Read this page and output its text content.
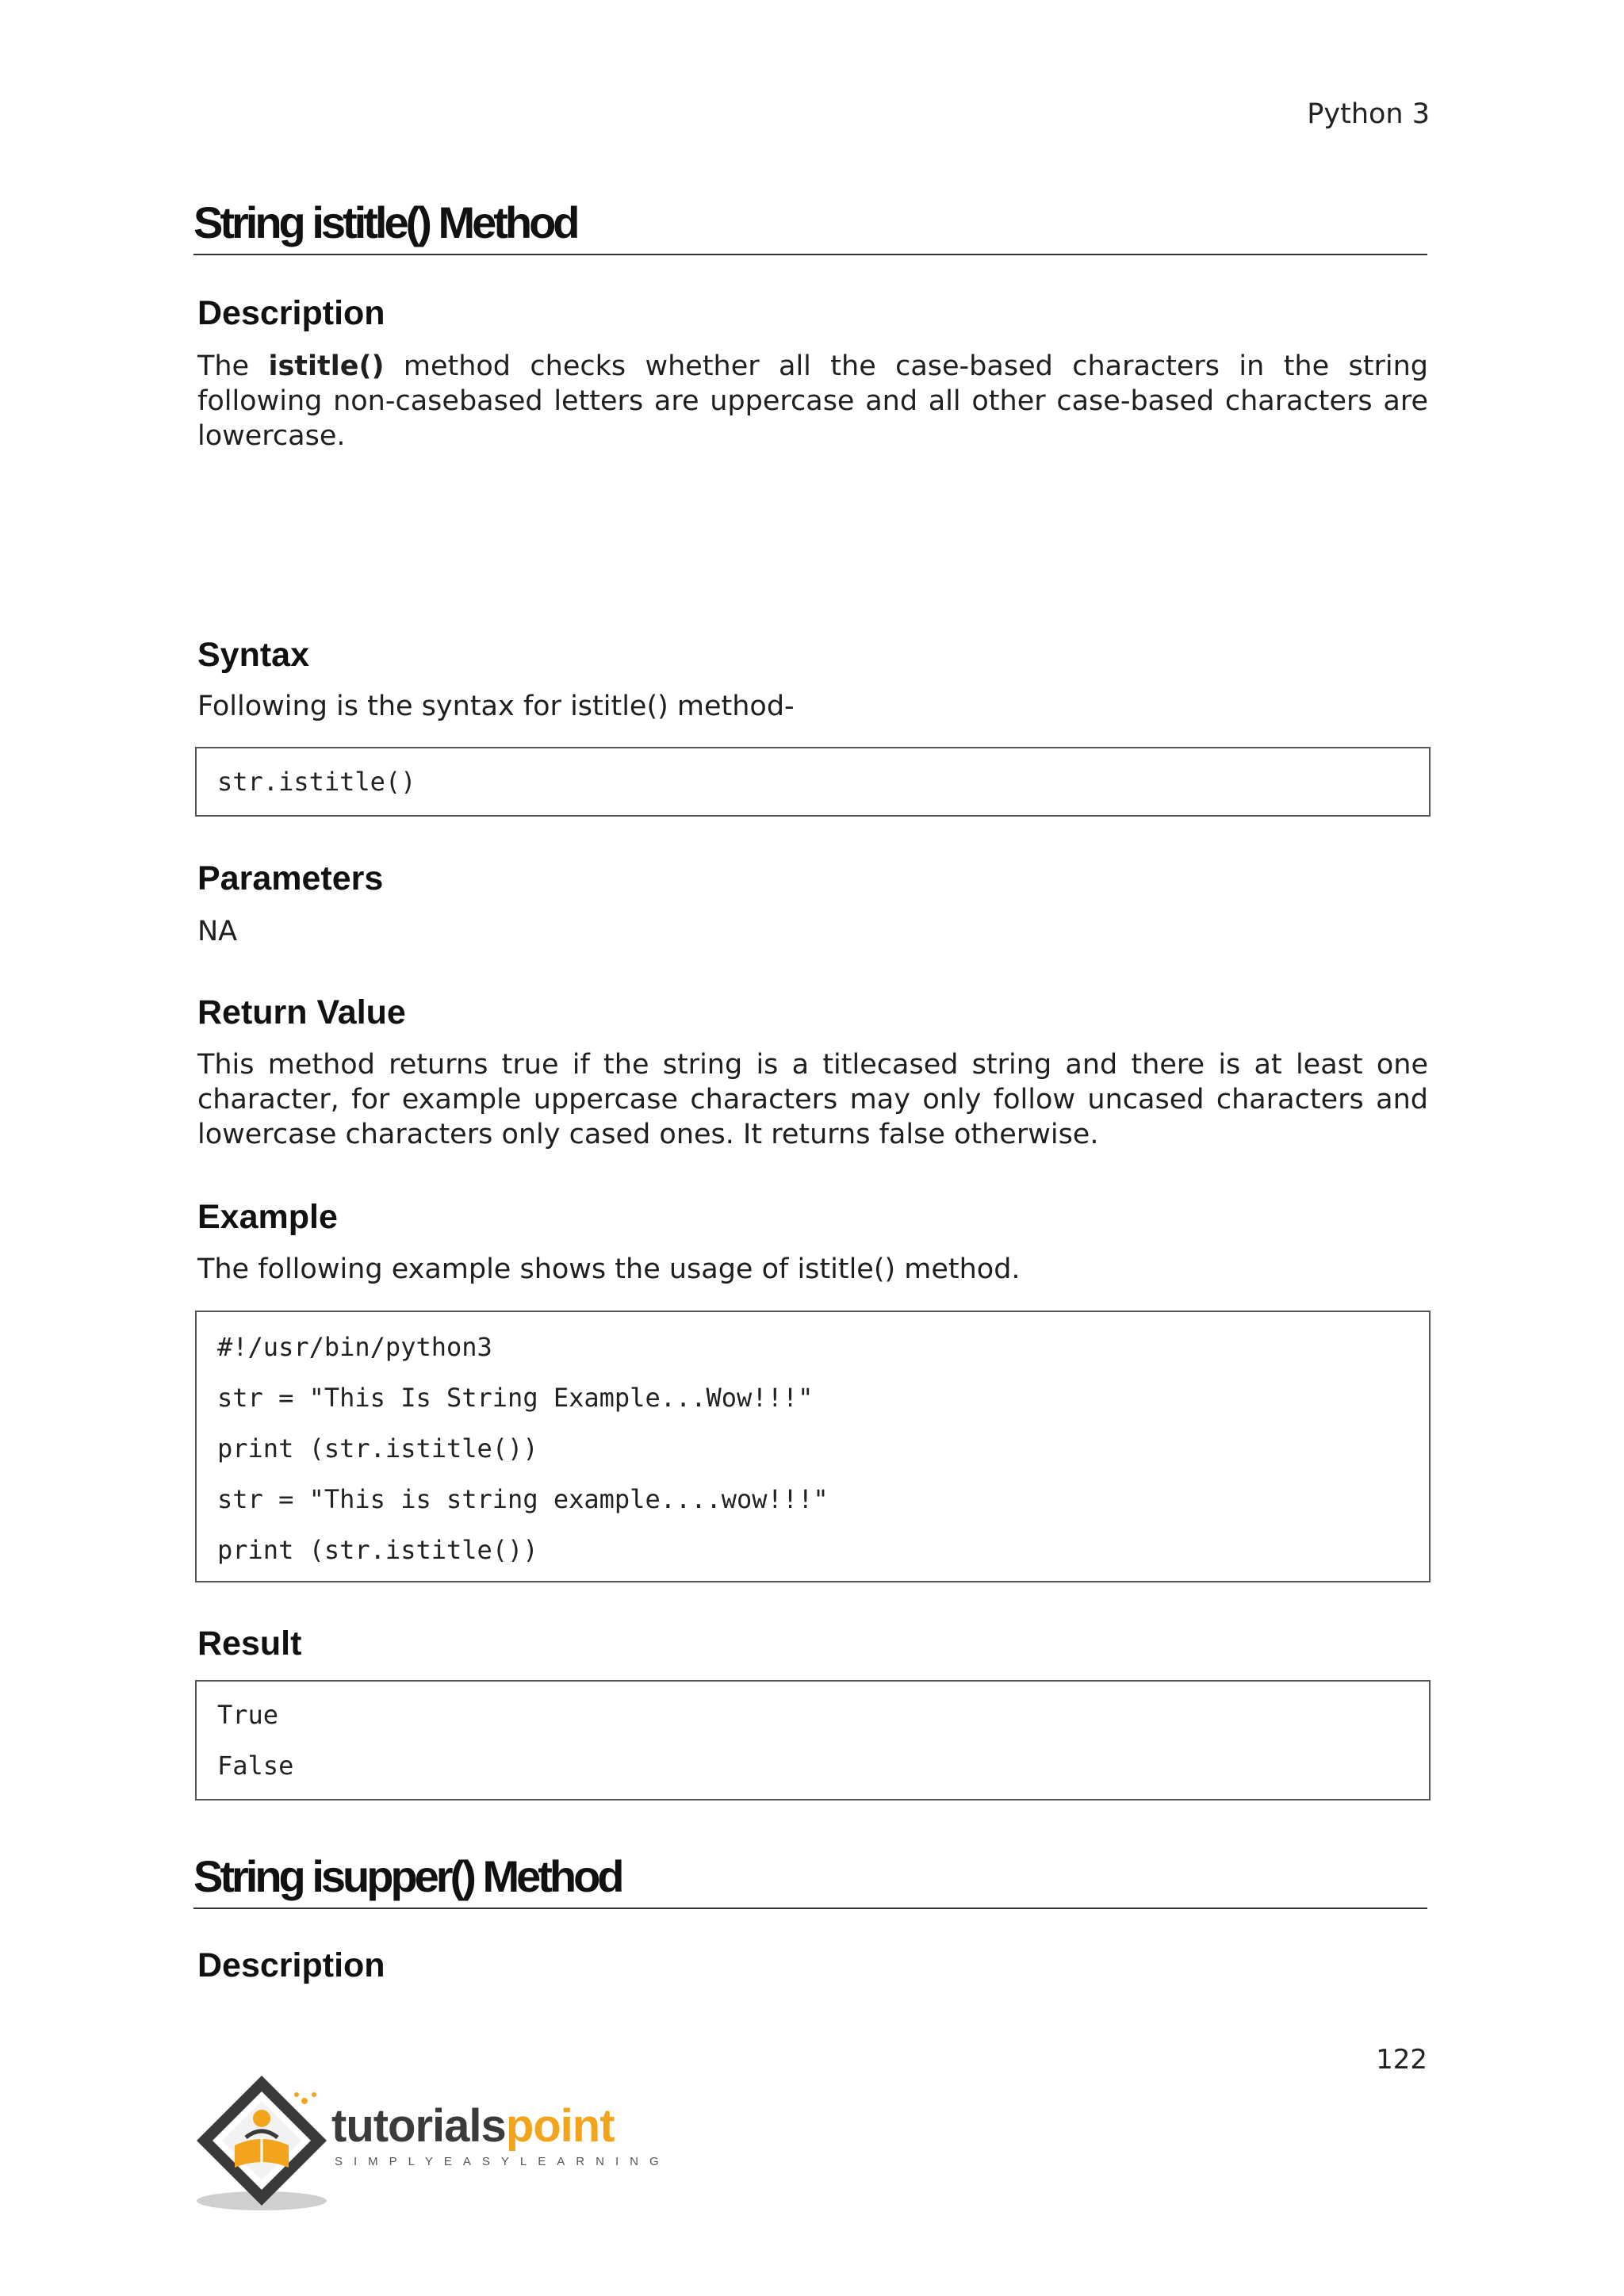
Python 3
String istitle() Method
Description

The istitle() method checks whether all the case-based characters in the string following non-casebased letters are uppercase and all other case-based characters are lowercase.

Syntax

Following is the syntax for istitle() method-

str.istitle()
Parameters

NA

Return Value

This method returns true if the string is a titlecased string and there is at least one character, for example uppercase characters may only follow uncased characters and lowercase characters only cased ones. It returns false otherwise.

Example

The following example shows the usage of istitle() method.

#!/usr/bin/python3
str = "This Is String Example...Wow!!!"
print (str.istitle())
str = "This is string example....wow!!!"
print (str.istitle())
Result
True
False
String isupper() Method
Description
122
tutorialspoint
SIMPLYEASYLEARNING
